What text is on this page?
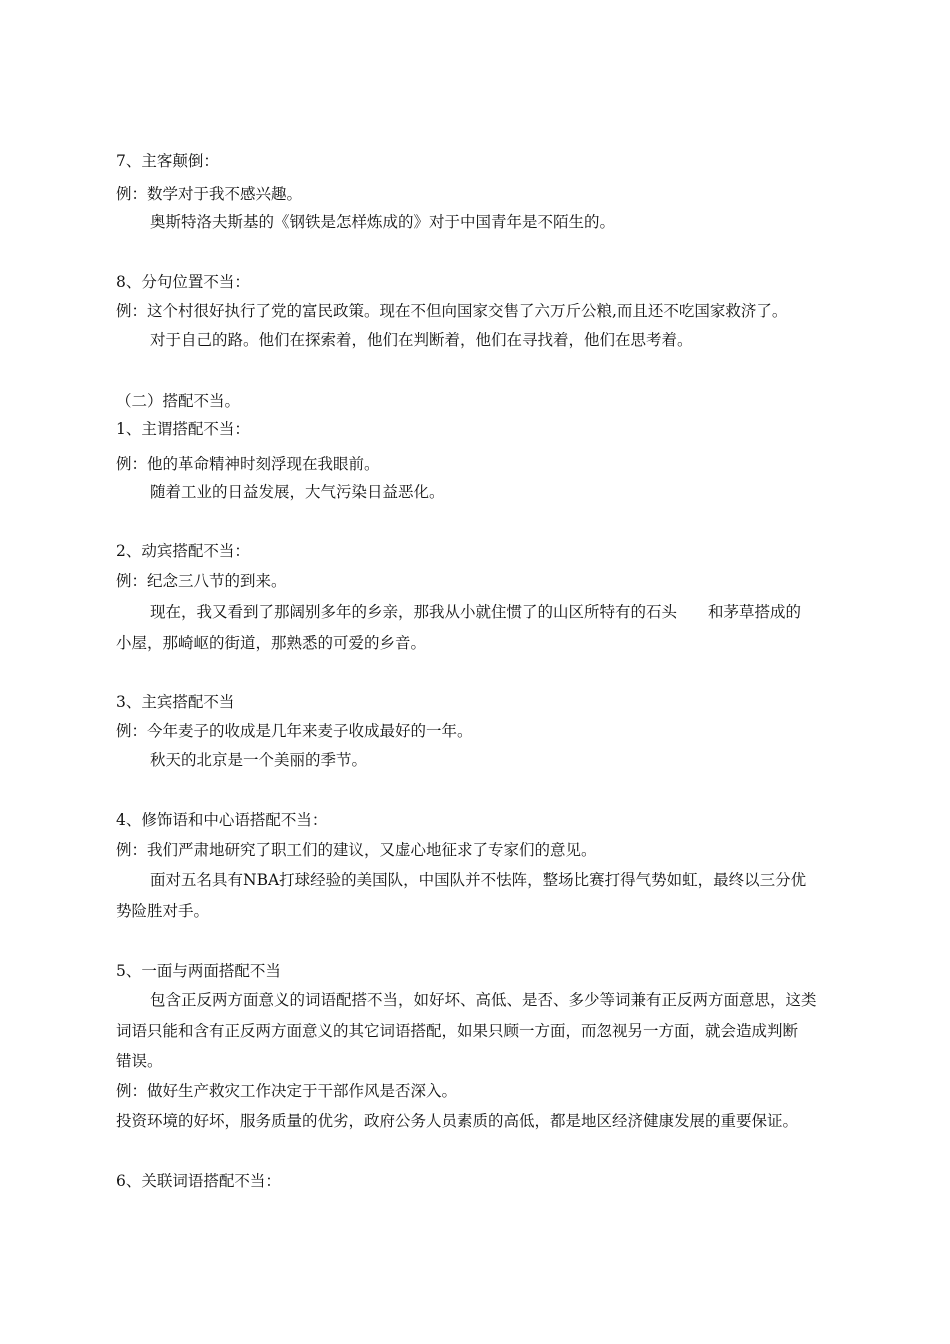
7、主客颠倒：
例：数学对于我不感兴趣。
奥斯特洛夫斯基的《钢铁是怎样炼成的》对于中国青年是不陌生的。
8、分句位置不当：
例：这个村很好执行了党的富民政策。现在不但向国家交售了六万斤公粮,而且还不吃国家救济了。
对于自己的路。他们在探索着，他们在判断着，他们在寻找着，他们在思考着。
（二）搭配不当。
1、主谓搭配不当：
例：他的革命精神时刻浮现在我眼前。
随着工业的日益发展，大气污染日益恶化。
2、动宾搭配不当：
例：纪念三八节的到来。
现在，我又看到了那阔别多年的乡亲，那我从小就住惯了的山区所特有的石头　　和茅草搭成的
小屋，那崎岖的街道，那熟悉的可爱的乡音。
3、主宾搭配不当
例：今年麦子的收成是几年来麦子收成最好的一年。
秋天的北京是一个美丽的季节。
4、修饰语和中心语搭配不当：
例：我们严肃地研究了职工们的建议，又虚心地征求了专家们的意见。
面对五名具有NBA打球经验的美国队，中国队并不怯阵，整场比赛打得气势如虹，最终以三分优
势险胜对手。
5、一面与两面搭配不当
包含正反两方面意义的词语配搭不当，如好坏、高低、是否、多少等词兼有正反两方面意思，这类
词语只能和含有正反两方面意义的其它词语搭配，如果只顾一方面，而忽视另一方面，就会造成判断
错误。
例：做好生产救灾工作决定于干部作风是否深入。
投资环境的好坏，服务质量的优劣，政府公务人员素质的高低，都是地区经济健康发展的重要保证。
6、关联词语搭配不当：
